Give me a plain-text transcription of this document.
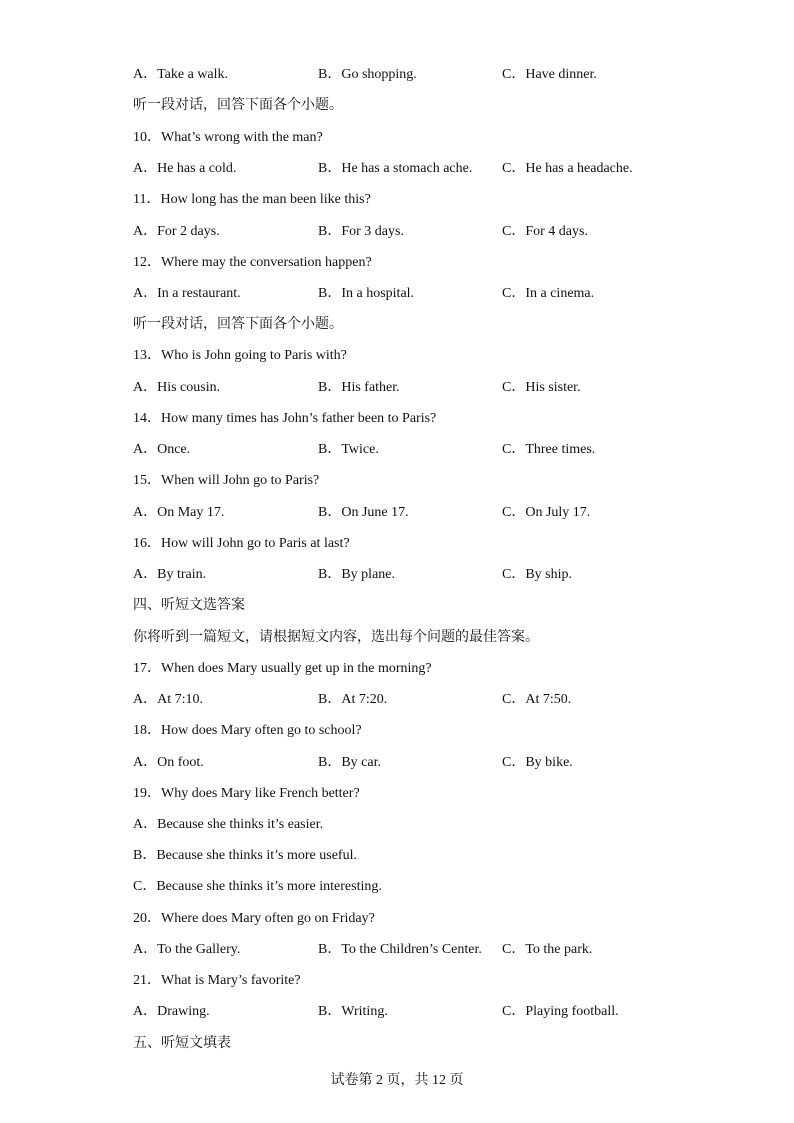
A．Take a walk.	B．Go shopping.	C．Have dinner.
听一段对话，回答下面各个小题。
10．What’s wrong with the man?
A．He has a cold.	B．He has a stomach ache. C．He has a headache.
11．How long has the man been like this?
A．For 2 days.	B．For 3 days.	C．For 4 days.
12．Where may the conversation happen?
A．In a restaurant.	B．In a hospital.	C．In a cinema.
听一段对话，回答下面各个小题。
13．Who is John going to Paris with?
A．His cousin.	B．His father.	C．His sister.
14．How many times has John’s father been to Paris?
A．Once.	B．Twice.	C．Three times.
15．When will John go to Paris?
A．On May 17.	B．On June 17.	C．On July 17.
16．How will John go to Paris at last?
A．By train.	B．By plane.	C．By ship.
四、听短文选答案
你将听到一篇短文，请根据短文内容，选出每个问题的最佳答案。
17．When does Mary usually get up in the morning?
A．At 7:10.	B．At 7:20.	C．At 7:50.
18．How does Mary often go to school?
A．On foot.	B．By car.	C．By bike.
19．Why does Mary like French better?
A．Because she thinks it’s easier.
B．Because she thinks it’s more useful.
C．Because she thinks it’s more interesting.
20．Where does Mary often go on Friday?
A．To the Gallery.	B．To the Children’s Center. C．To the park.
21．What is Mary’s favorite?
A．Drawing.	B．Writing.	C．Playing football.
五、听短文填表
试卷第 2 页，共 12 页
